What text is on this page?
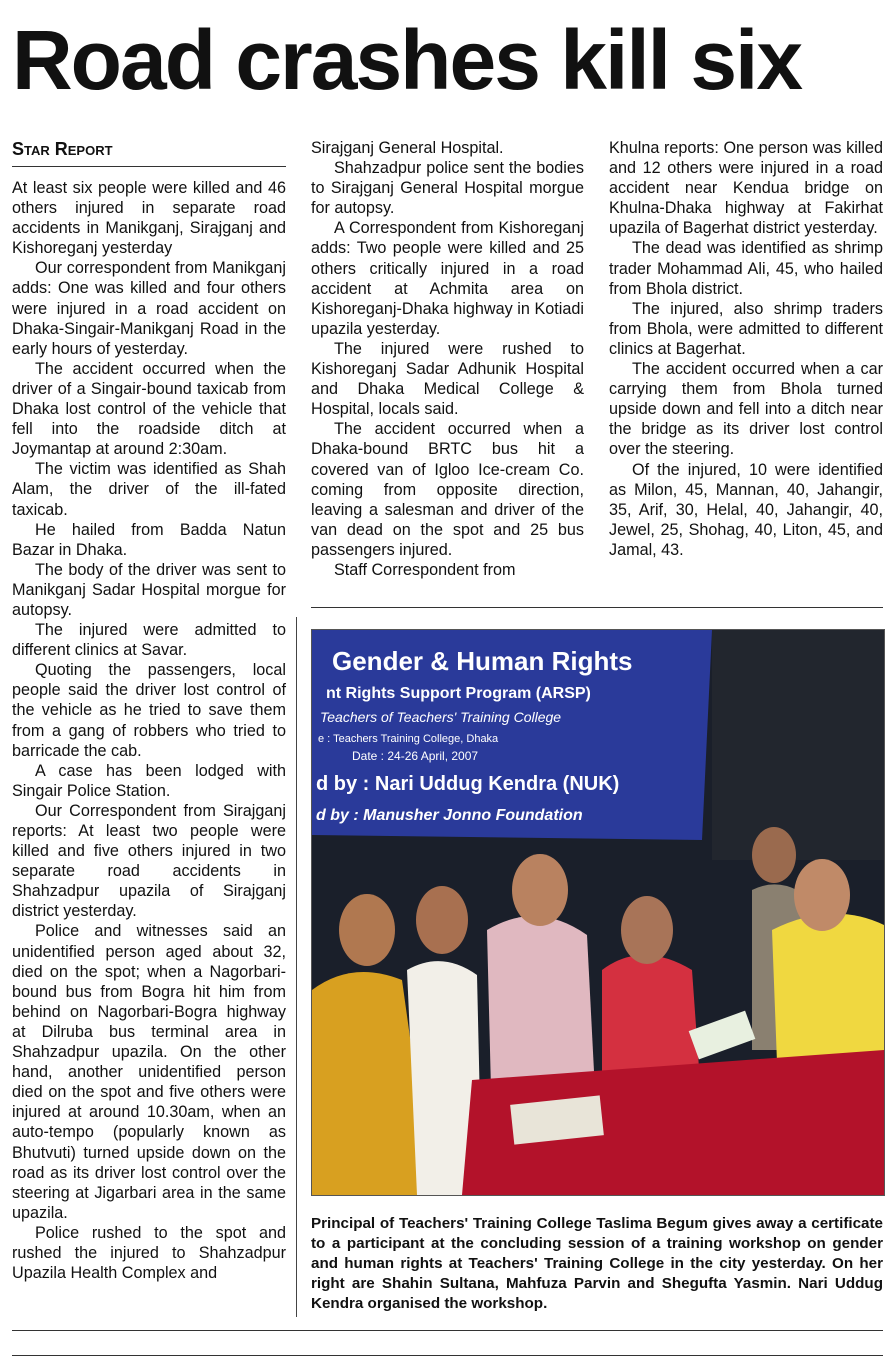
Road crashes kill six
Star Report

At least six people were killed and 46 others injured in separate road accidents in Manikganj, Sirajganj and Kishoreganj yesterday

Our correspondent from Manikganj adds: One was killed and four others were injured in a road accident on Dhaka-Singair-Manikganj Road in the early hours of yesterday.

The accident occurred when the driver of a Singair-bound taxicab from Dhaka lost control of the vehicle that fell into the roadside ditch at Joymantap at around 2:30am.

The victim was identified as Shah Alam, the driver of the ill-fated taxicab.

He hailed from Badda Natun Bazar in Dhaka.

The body of the driver was sent to Manikganj Sadar Hospital morgue for autopsy.

The injured were admitted to different clinics at Savar.

Quoting the passengers, local people said the driver lost control of the vehicle as he tried to save them from a gang of robbers who tried to barricade the cab.

A case has been lodged with Singair Police Station.

Our Correspondent from Sirajganj reports: At least two people were killed and five others injured in two separate road accidents in Shahzadpur upazila of Sirajganj district yesterday.

Police and witnesses said an unidentified person aged about 32, died on the spot; when a Nagorbari-bound bus from Bogra hit him from behind on Nagorbari-Bogra highway at Dilruba bus terminal area in Shahzadpur upazila. On the other hand, another unidentified person died on the spot and five others were injured at around 10.30am, when an auto-tempo (popularly known as Bhutvuti) turned upside down on the road as its driver lost control over the steering at Jigarbari area in the same upazila.

Police rushed to the spot and rushed the injured to Shahzadpur Upazila Health Complex and

Sirajganj General Hospital.

Shahzadpur police sent the bodies to Sirajganj General Hospital morgue for autopsy.

A Correspondent from Kishoreganj adds: Two people were killed and 25 others critically injured in a road accident at Achmita area on Kishoreganj-Dhaka highway in Kotiadi upazila yesterday.

The injured were rushed to Kishoreganj Sadar Adhunik Hospital and Dhaka Medical College & Hospital, locals said.

The accident occurred when a Dhaka-bound BRTC bus hit a covered van of Igloo Ice-cream Co. coming from opposite direction, leaving a salesman and driver of the van dead on the spot and 25 bus passengers injured.

Staff Correspondent from

Khulna reports: One person was killed and 12 others were injured in a road accident near Kendua bridge on Khulna-Dhaka highway at Fakirhat upazila of Bagerhat district yesterday.

The dead was identified as shrimp trader Mohammad Ali, 45, who hailed from Bhola district.

The injured, also shrimp traders from Bhola, were admitted to different clinics at Bagerhat.

The accident occurred when a car carrying them from Bhola turned upside down and fell into a ditch near the bridge as its driver lost control over the steering.

Of the injured, 10 were identified as Milon, 45, Mannan, 40, Jahangir, 35, Arif, 30, Helal, 40, Jahangir, 40, Jewel, 25, Shohag, 40, Liton, 45, and Jamal, 43.

Gender & Human Rights
nt Rights Support Program (ARSP)
Teachers of Teachers' Training College
e : Teachers Training College, Dhaka
Date : 24-26 April, 2007
d by : Nari Uddug Kendra (NUK)
d by : Manusher Jonno Foundation

Principal of Teachers' Training College Taslima Begum gives away a certificate to a participant at the concluding session of a training workshop on gender and human rights at Teachers' Training College in the city yesterday. On her right are Shahin Sultana, Mahfuza Parvin and Shegufta Yasmin. Nari Uddug Kendra organised the workshop.
